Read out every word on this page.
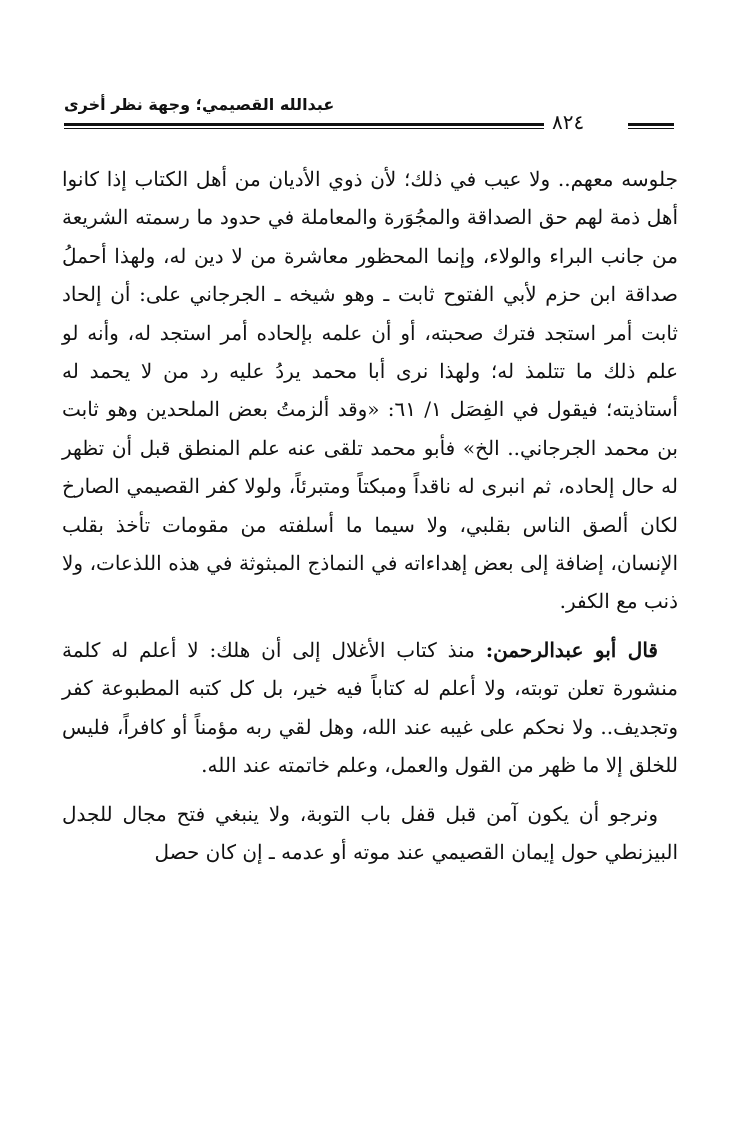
عبدالله القصيمي؛ وجهة نظر أخرى
٨٢٤

جلوسه معهم.. ولا عيب في ذلك؛ لأن ذوي الأديان من أهل الكتاب إذا كانوا أهل ذمة لهم حق الصداقة والمجُوَرة والمعاملة في حدود ما رسمته الشريعة من جانب البراء والولاء، وإنما المحظور معاشرة من لا دين له، ولهذا أحملُ صداقة ابن حزم لأبي الفتوح ثابت ـ وهو شيخه ـ الجرجاني على: أن إلحاد ثابت أمر استجد فترك صحبته، أو أن علمه بإلحاده أمر استجد له، وأنه لو علم ذلك ما تتلمذ له؛ ولهذا نرى أبا محمد يردُ عليه رد من لا يحمد له أستاذيته؛ فيقول في الفِصَل ١/ ٦١: «وقد ألزمتُ بعض الملحدين وهو ثابت بن محمد الجرجاني.. الخ» فأبو محمد تلقى عنه علم المنطق قبل أن تظهر له حال إلحاده، ثم انبرى له ناقداً ومبكتاً ومتبرئاً، ولولا كفر القصيمي الصارخ لكان ألصق الناس بقلبي، ولا سيما ما أسلفته من مقومات تأخذ بقلب الإنسان، إضافة إلى بعض إهداءاته في النماذج المبثوثة في هذه اللذعات، ولا ذنب مع الكفر.

قال أبو عبدالرحمن: منذ كتاب الأغلال إلى أن هلك: لا أعلم له كلمة منشورة تعلن توبته، ولا أعلم له كتاباً فيه خير، بل كل كتبه المطبوعة كفر وتجديف.. ولا نحكم على غيبه عند الله، وهل لقي ربه مؤمناً أو كافراً، فليس للخلق إلا ما ظهر من القول والعمل، وعلم خاتمته عند الله.

ونرجو أن يكون آمن قبل قفل باب التوبة، ولا ينبغي فتح مجال للجدل البيزنطي حول إيمان القصيمي عند موته أو عدمه ـ إن كان حصل
